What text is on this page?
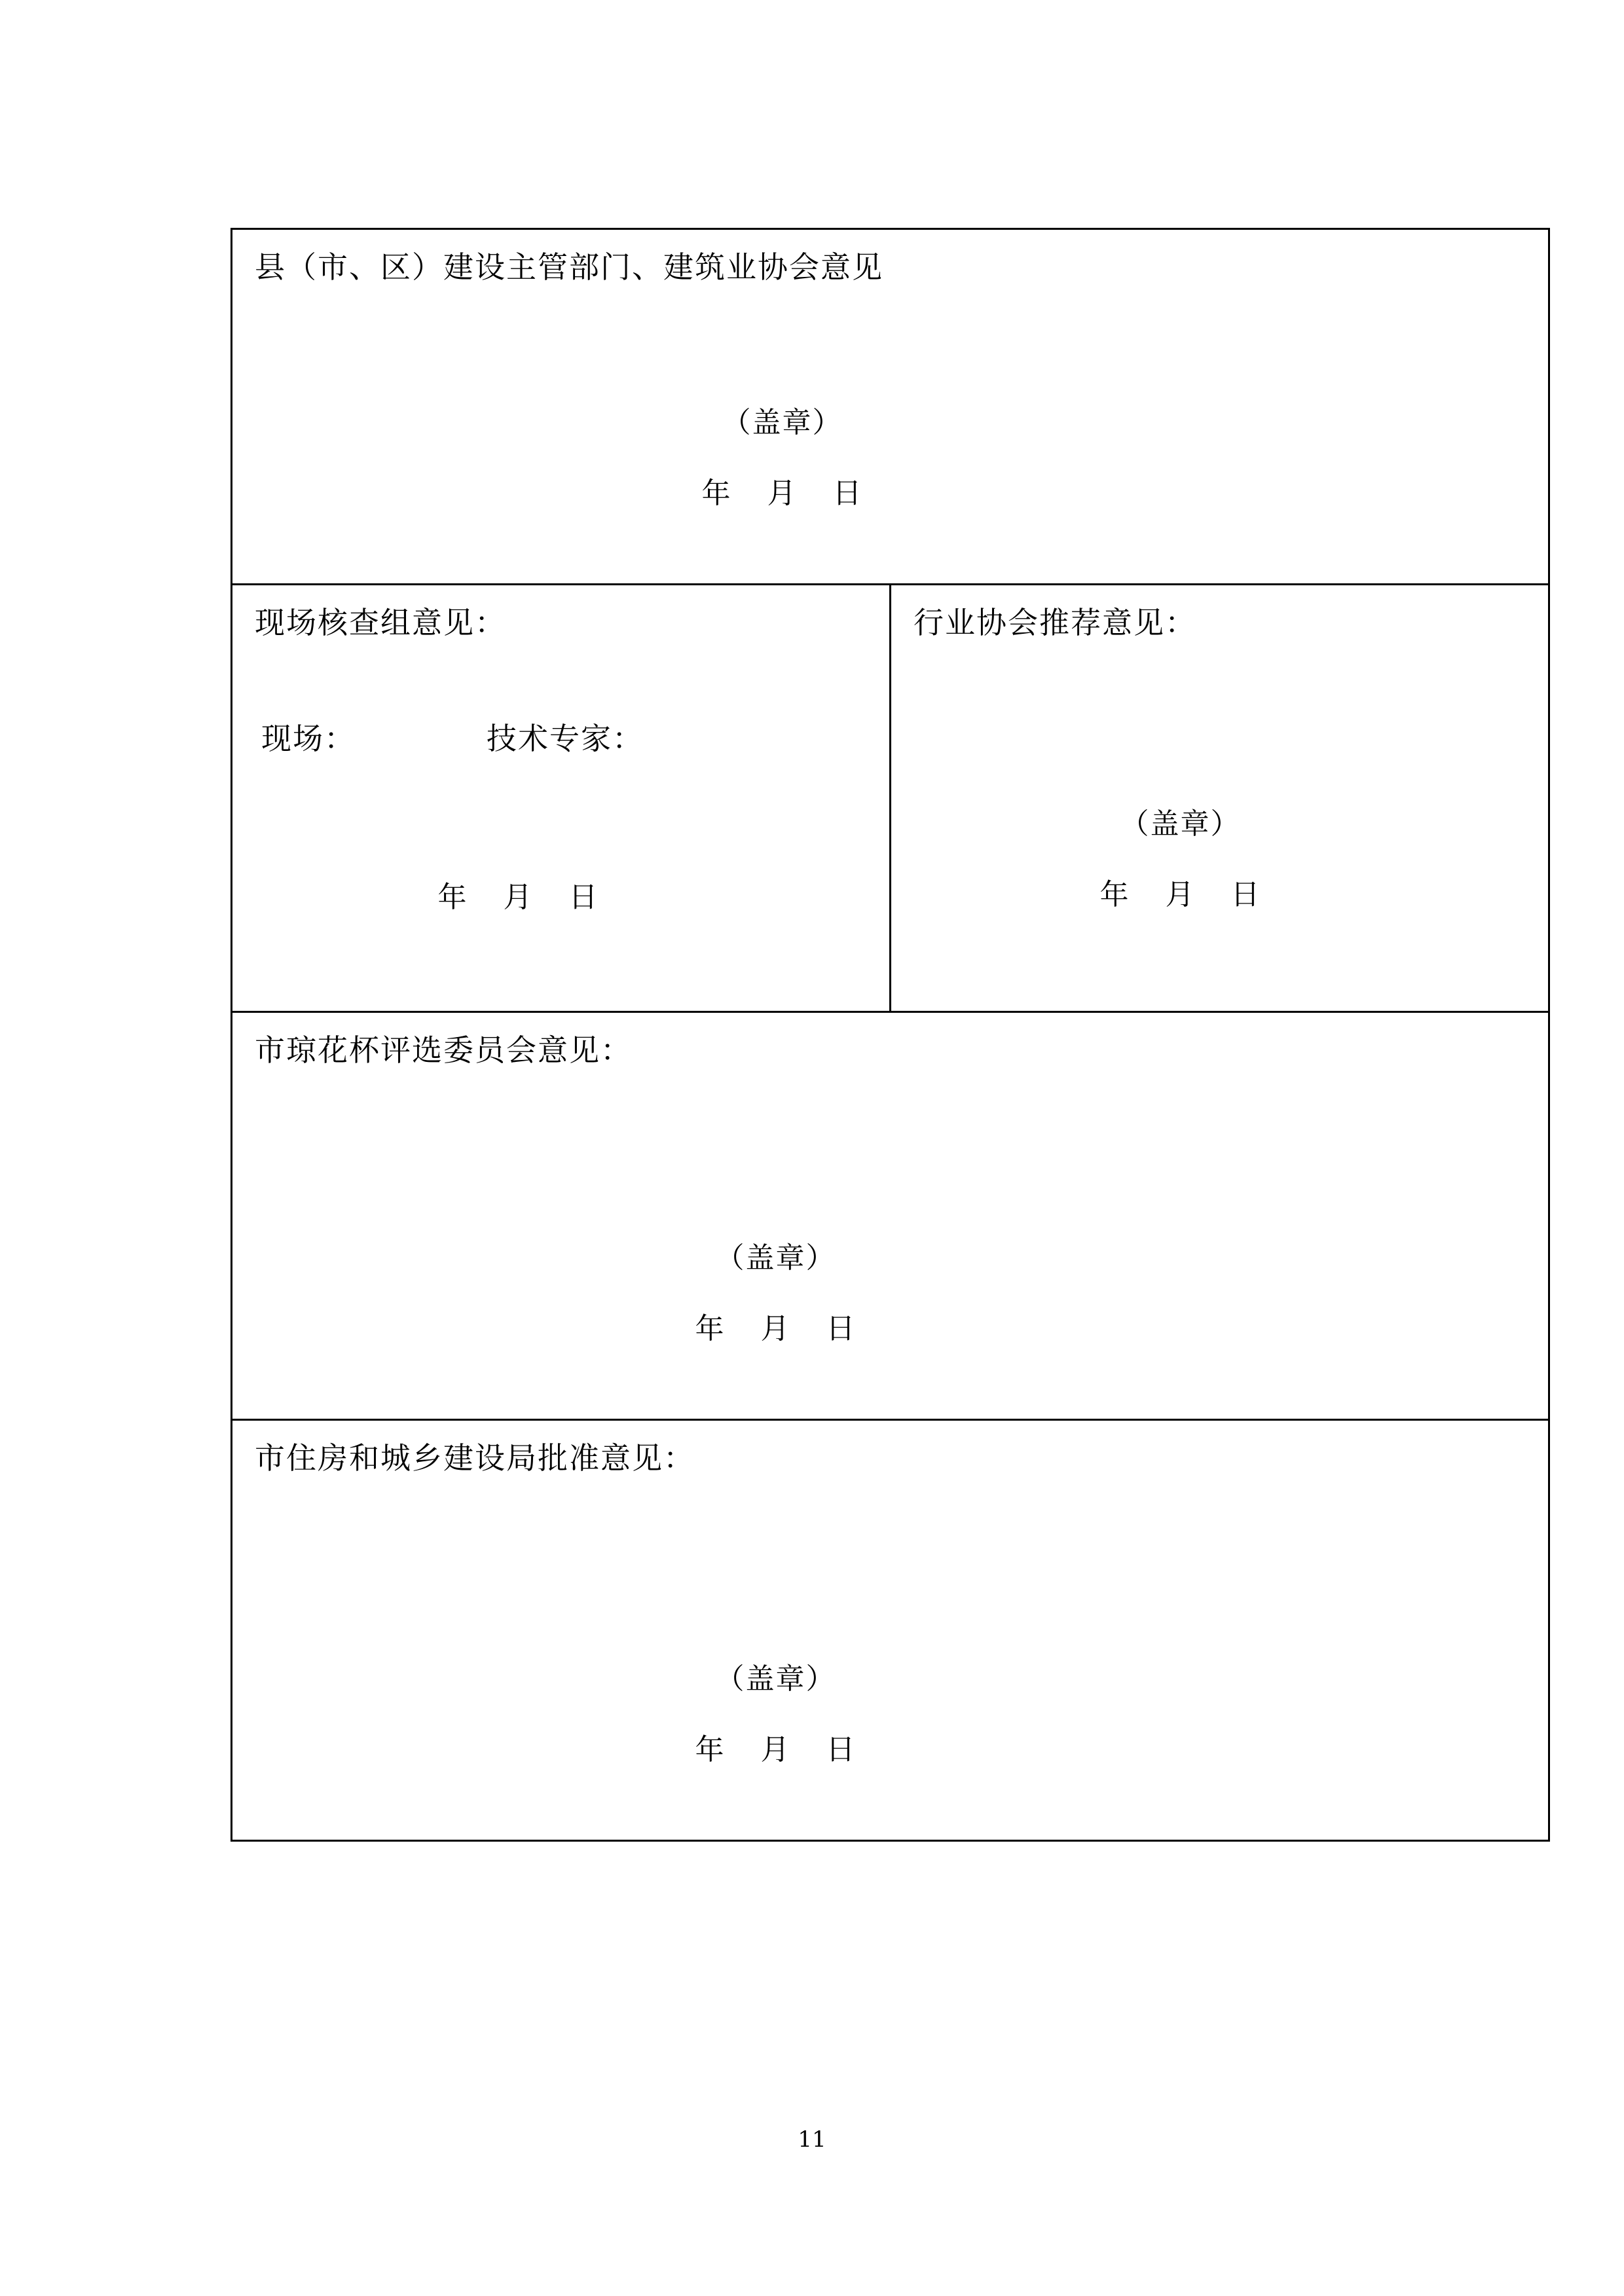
县（市、区）建设主管部门、建筑业协会意见
（盖章）
年 月 日

现场核查组意见：
现场：	技术专家：
年 月 日

行业协会推荐意见：
（盖章）
年 月 日

市琼花杯评选委员会意见：
（盖章）
年 月 日

市住房和城乡建设局批准意见：
（盖章）
年 月 日
11
